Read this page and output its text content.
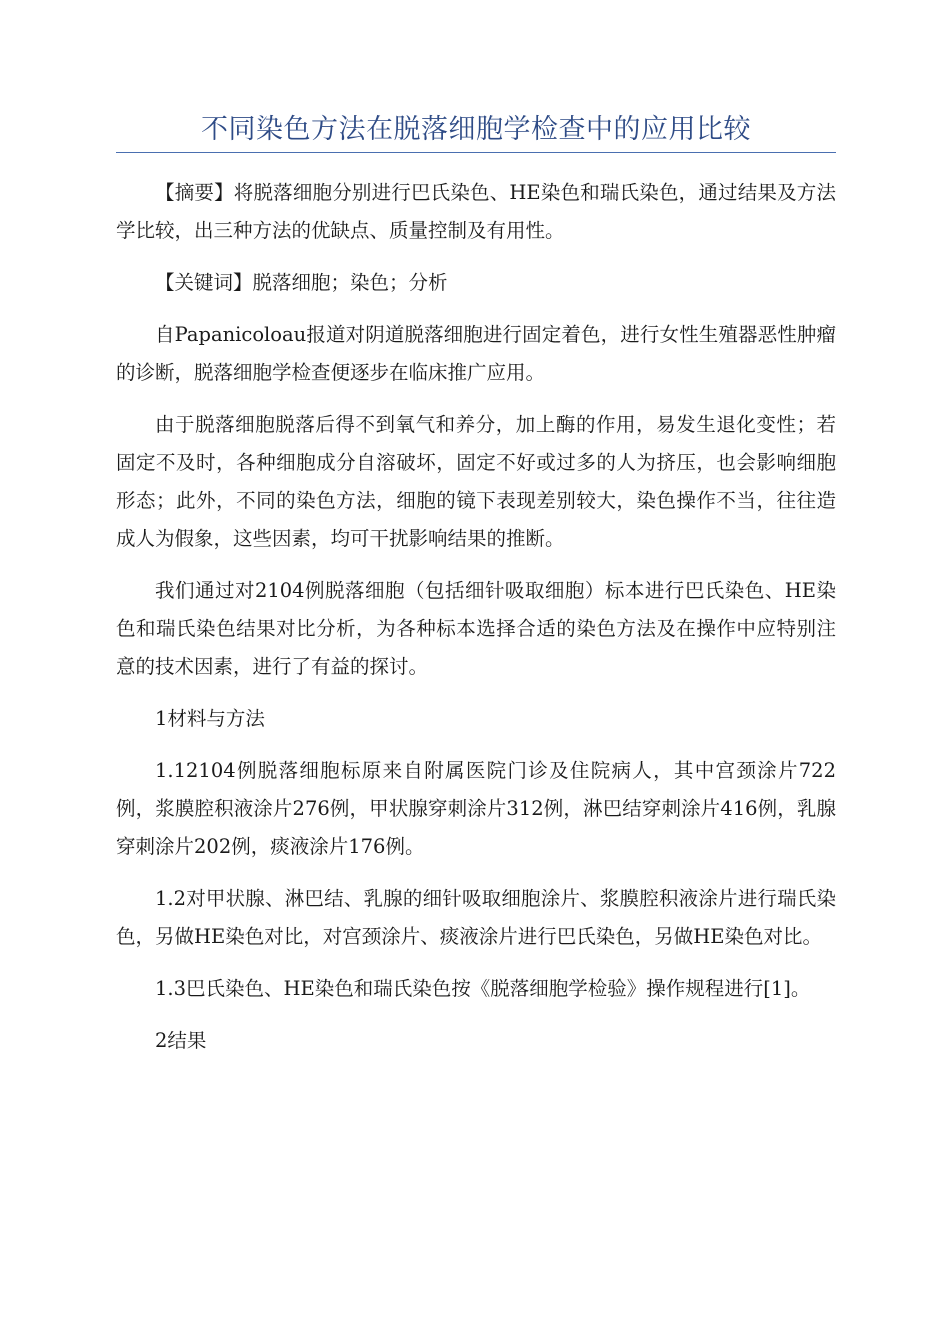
不同染色方法在脱落细胞学检查中的应用比较

【摘要】将脱落细胞分别进行巴氏染色、HE染色和瑞氏染色，通过结果及方法学比较，出三种方法的优缺点、质量控制及有用性。

【关键词】脱落细胞；染色；分析

自Papanicoloau报道对阴道脱落细胞进行固定着色，进行女性生殖器恶性肿瘤的诊断，脱落细胞学检查便逐步在临床推广应用。

由于脱落细胞脱落后得不到氧气和养分，加上酶的作用，易发生退化变性；若固定不及时，各种细胞成分自溶破坏，固定不好或过多的人为挤压，也会影响细胞形态；此外，不同的染色方法，细胞的镜下表现差别较大，染色操作不当，往往造成人为假象，这些因素，均可干扰影响结果的推断。

我们通过对2104例脱落细胞（包括细针吸取细胞）标本进行巴氏染色、HE染色和瑞氏染色结果对比分析，为各种标本选择合适的染色方法及在操作中应特别注意的技术因素，进行了有益的探讨。

1材料与方法

1.12104例脱落细胞标原来自附属医院门诊及住院病人，其中宫颈涂片722例，浆膜腔积液涂片276例，甲状腺穿刺涂片312例，淋巴结穿刺涂片416例，乳腺穿刺涂片202例，痰液涂片176例。

1.2对甲状腺、淋巴结、乳腺的细针吸取细胞涂片、浆膜腔积液涂片进行瑞氏染色，另做HE染色对比，对宫颈涂片、痰液涂片进行巴氏染色，另做HE染色对比。

1.3巴氏染色、HE染色和瑞氏染色按《脱落细胞学检验》操作规程进行[1]。

2结果
